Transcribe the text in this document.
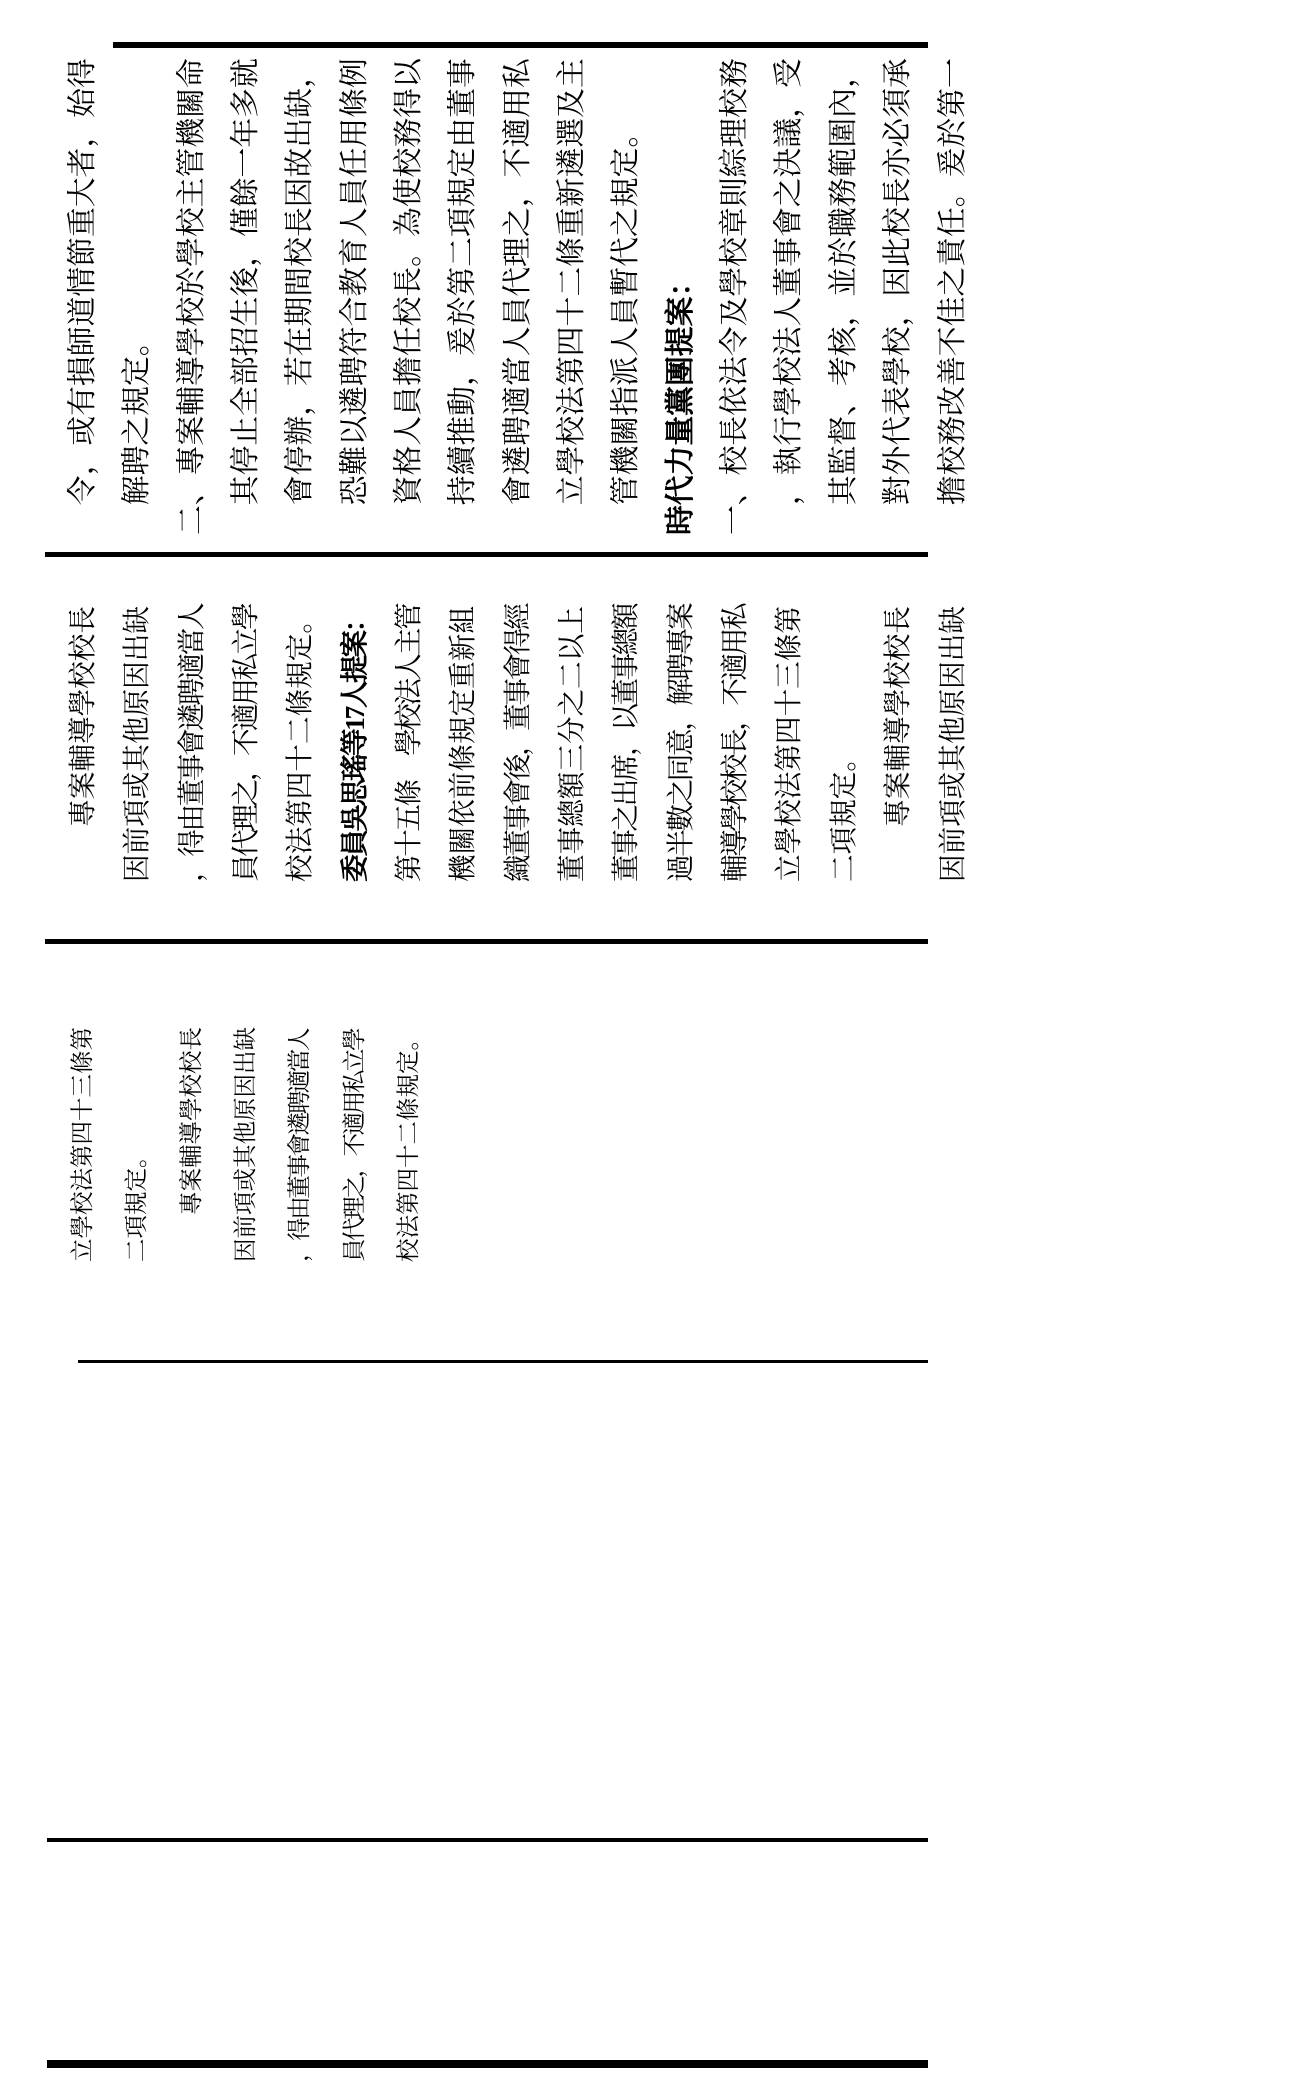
令，或有損師道情節重大者，始得 解聘之規定。 二、專案輔導學校於學校主管機關命 其停止全部招生後，僅餘一年多就 會停辦，若在期間校長因故出缺， 恐難以遴聘符合教育人員任用條例 資格人員擔任校長。為使校務得以 持續推動，爰於第二項規定由董事 會遴聘適當人員代理之，不適用私 立學校法第四十二條重新遴選及主 管機關指派人員暫代之規定。 時代力量黨團提案： 一、校長依法令及學校章則綜理校務 ，執行學校法人董事會之決議，受 其監督、考核，並於職務範圍內， 對外代表學校，因此校長亦必須承 擔校務改善不佳之責任。爰於第一
專案輔導學校校長 因前項或其他原因出缺 ，得由董事會遴聘適當人 員代理之，不適用私立學 校法第四十二條規定。 委員吳思瑤等17人提案： 第十五條　學校法人主管 機關依前條規定重新組 織董事會後，董事會得經 董事總額三分之二以上 董事之出席，以董事總額 過半數之同意，解聘專案 輔導學校校長，不適用私 立學校法第四十三條第 二項規定。 專案輔導學校校長 因前項或其他原因出缺
立學校法第四十三條第	二項規定。	專案輔導學校校長	因前項或其他原因出缺	，得由董事會遴聘適當人	員代理之，不適用私立學	校法第四十二條規定。
